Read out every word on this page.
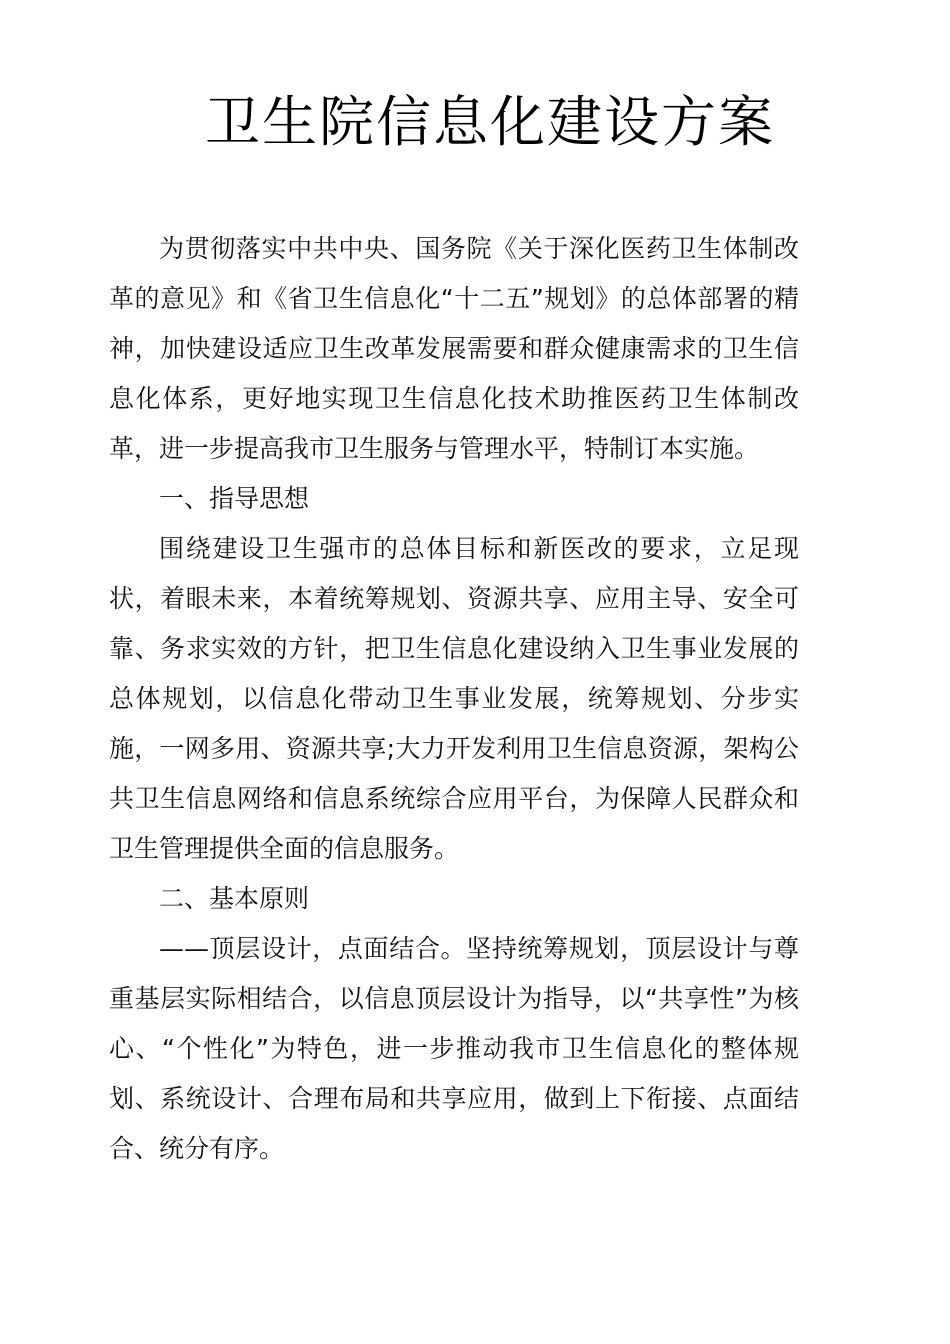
卫生院信息化建设方案

为贯彻落实中共中央、国务院《关于深化医药卫生体制改革的意见》和《省卫生信息化“十二五”规划》的总体部署的精神，加快建设适应卫生改革发展需要和群众健康需求的卫生信息化体系，更好地实现卫生信息化技术助推医药卫生体制改革，进一步提高我市卫生服务与管理水平，特制订本实施。

一、指导思想

围绕建设卫生强市的总体目标和新医改的要求，立足现状，着眼未来，本着统筹规划、资源共享、应用主导、安全可靠、务求实效的方针，把卫生信息化建设纳入卫生事业发展的总体规划，以信息化带动卫生事业发展，统筹规划、分步实施，一网多用、资源共享;大力开发利用卫生信息资源，架构公共卫生信息网络和信息系统综合应用平台，为保障人民群众和卫生管理提供全面的信息服务。

二、基本原则

——顶层设计，点面结合。坚持统筹规划，顶层设计与尊重基层实际相结合，以信息顶层设计为指导，以“共享性”为核心、“个性化”为特色，进一步推动我市卫生信息化的整体规划、系统设计、合理布局和共享应用，做到上下衔接、点面结合、统分有序。
